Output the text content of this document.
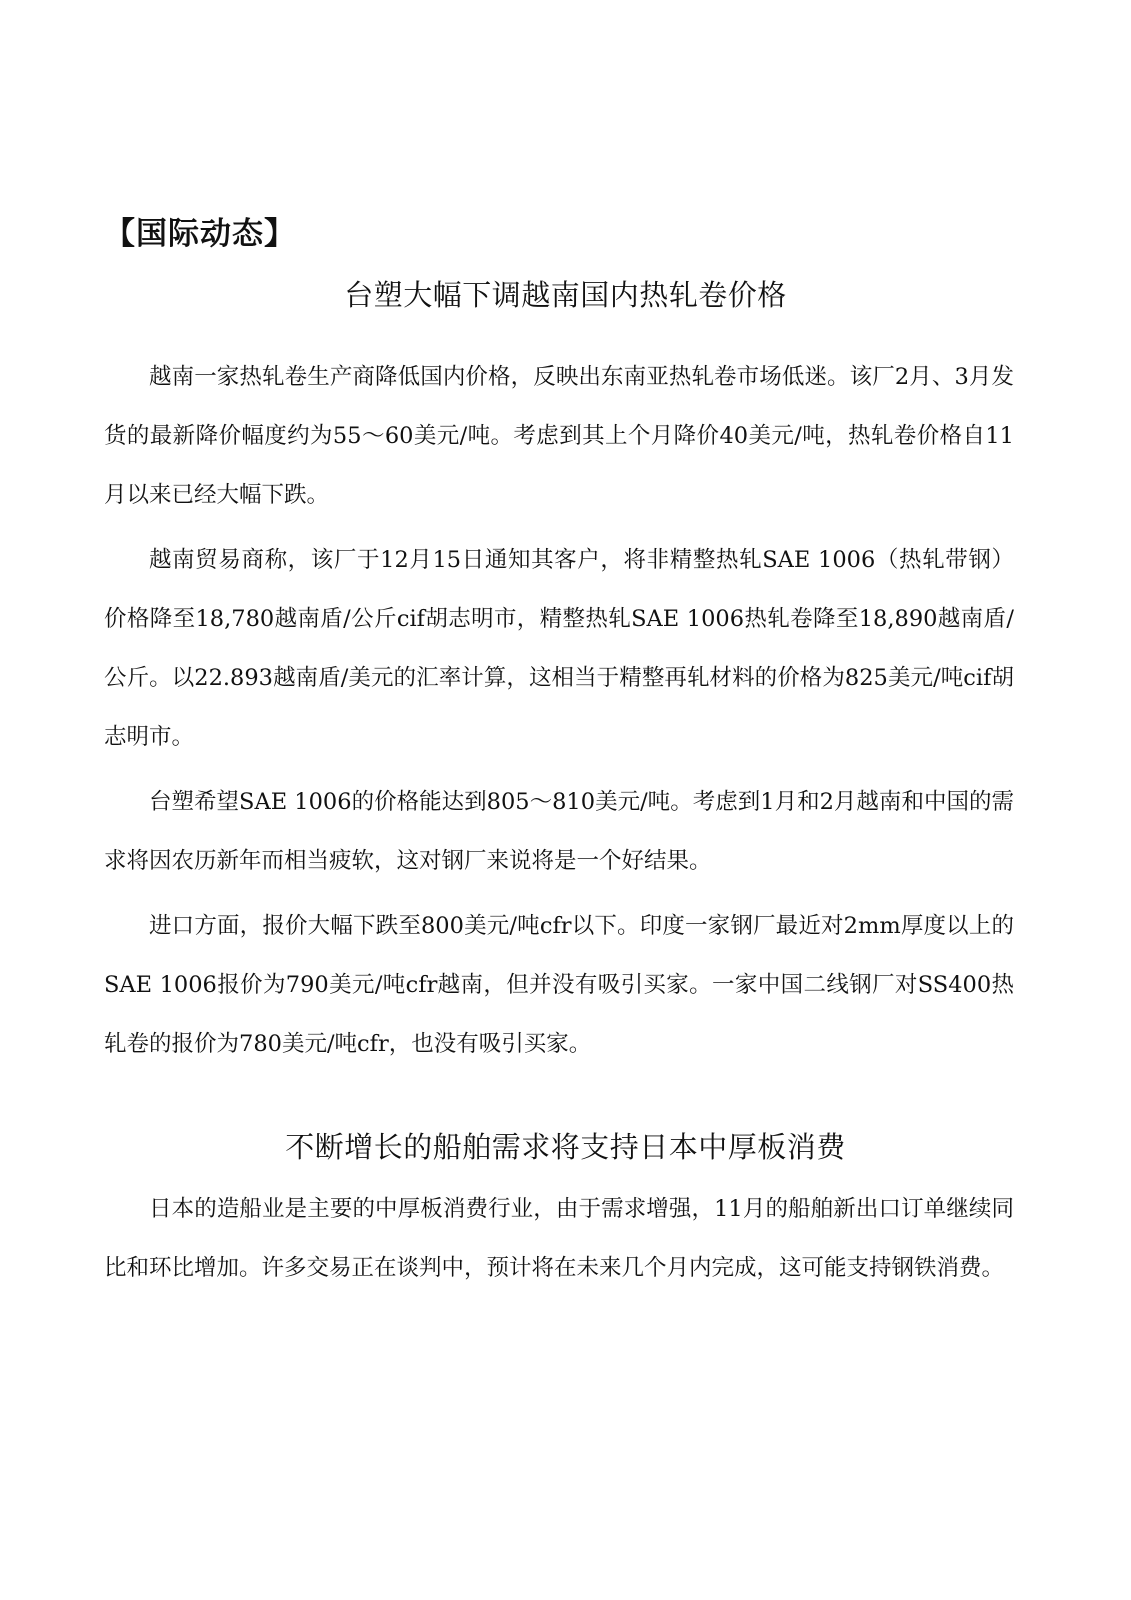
【国际动态】
台塑大幅下调越南国内热轧卷价格

越南一家热轧卷生产商降低国内价格，反映出东南亚热轧卷市场低迷。该厂2月、3月发货的最新降价幅度约为55～60美元/吨。考虑到其上个月降价40美元/吨，热轧卷价格自11月以来已经大幅下跌。

越南贸易商称，该厂于12月15日通知其客户，将非精整热轧SAE 1006（热轧带钢）价格降至18,780越南盾/公斤cif胡志明市，精整热轧SAE 1006热轧卷降至18,890越南盾/公斤。以22.893越南盾/美元的汇率计算，这相当于精整再轧材料的价格为825美元/吨cif胡志明市。

台塑希望SAE 1006的价格能达到805～810美元/吨。考虑到1月和2月越南和中国的需求将因农历新年而相当疲软，这对钢厂来说将是一个好结果。

进口方面，报价大幅下跌至800美元/吨cfr以下。印度一家钢厂最近对2mm厚度以上的SAE 1006报价为790美元/吨cfr越南，但并没有吸引买家。一家中国二线钢厂对SS400热轧卷的报价为780美元/吨cfr，也没有吸引买家。

不断增长的船舶需求将支持日本中厚板消费

日本的造船业是主要的中厚板消费行业，由于需求增强，11月的船舶新出口订单继续同比和环比增加。许多交易正在谈判中，预计将在未来几个月内完成，这可能支持钢铁消费。
